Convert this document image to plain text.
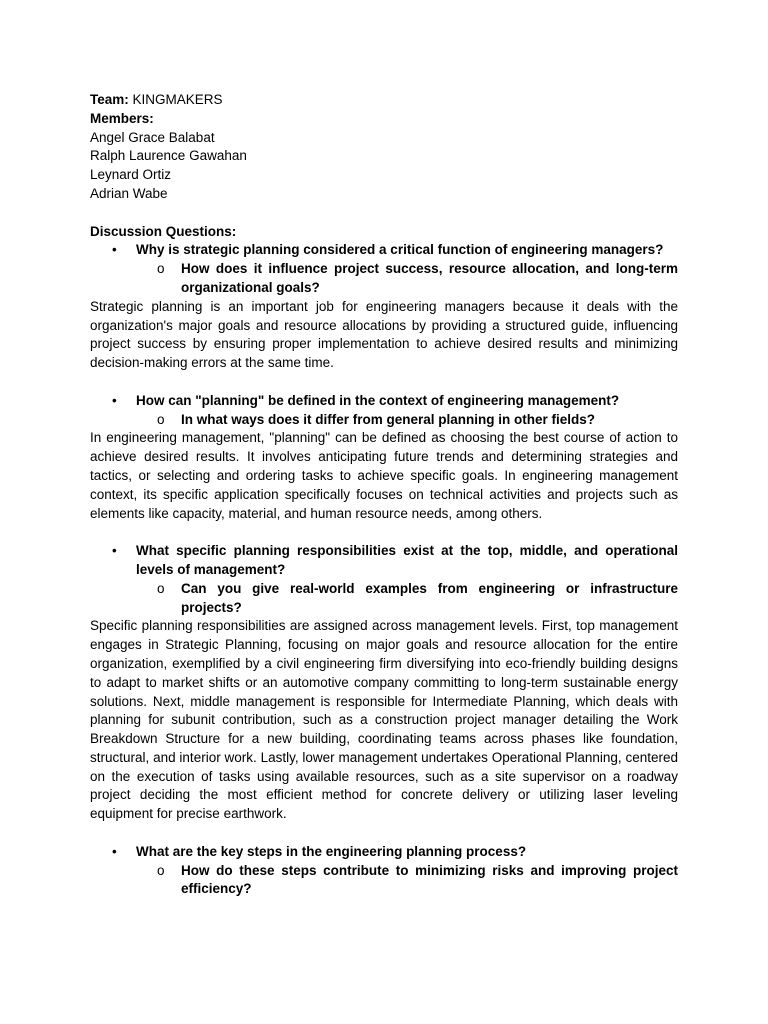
Team: KINGMAKERS

Members:

Angel Grace Balabat

Ralph Laurence Gawahan

Leynard Ortiz

Adrian Wabe

Discussion Questions:

• Why is strategic planning considered a critical function of engineering managers?

o How does it influence project success, resource allocation, and long-term organizational goals?

Strategic planning is an important job for engineering managers because it deals with the organization's major goals and resource allocations by providing a structured guide, influencing project success by ensuring proper implementation to achieve desired results and minimizing decision-making errors at the same time.

• How can "planning" be defined in the context of engineering management?

o In what ways does it differ from general planning in other fields?

In engineering management, "planning" can be defined as choosing the best course of action to achieve desired results. It involves anticipating future trends and determining strategies and tactics, or selecting and ordering tasks to achieve specific goals. In engineering management context, its specific application specifically focuses on technical activities and projects such as elements like capacity, material, and human resource needs, among others.

• What specific planning responsibilities exist at the top, middle, and operational levels of management?

o Can you give real-world examples from engineering or infrastructure projects?

Specific planning responsibilities are assigned across management levels. First, top management engages in Strategic Planning, focusing on major goals and resource allocation for the entire organization, exemplified by a civil engineering firm diversifying into eco-friendly building designs to adapt to market shifts or an automotive company committing to long-term sustainable energy solutions. Next, middle management is responsible for Intermediate Planning, which deals with planning for subunit contribution, such as a construction project manager detailing the Work Breakdown Structure for a new building, coordinating teams across phases like foundation, structural, and interior work. Lastly, lower management undertakes Operational Planning, centered on the execution of tasks using available resources, such as a site supervisor on a roadway project deciding the most efficient method for concrete delivery or utilizing laser leveling equipment for precise earthwork.

• What are the key steps in the engineering planning process?

o How do these steps contribute to minimizing risks and improving project efficiency?
